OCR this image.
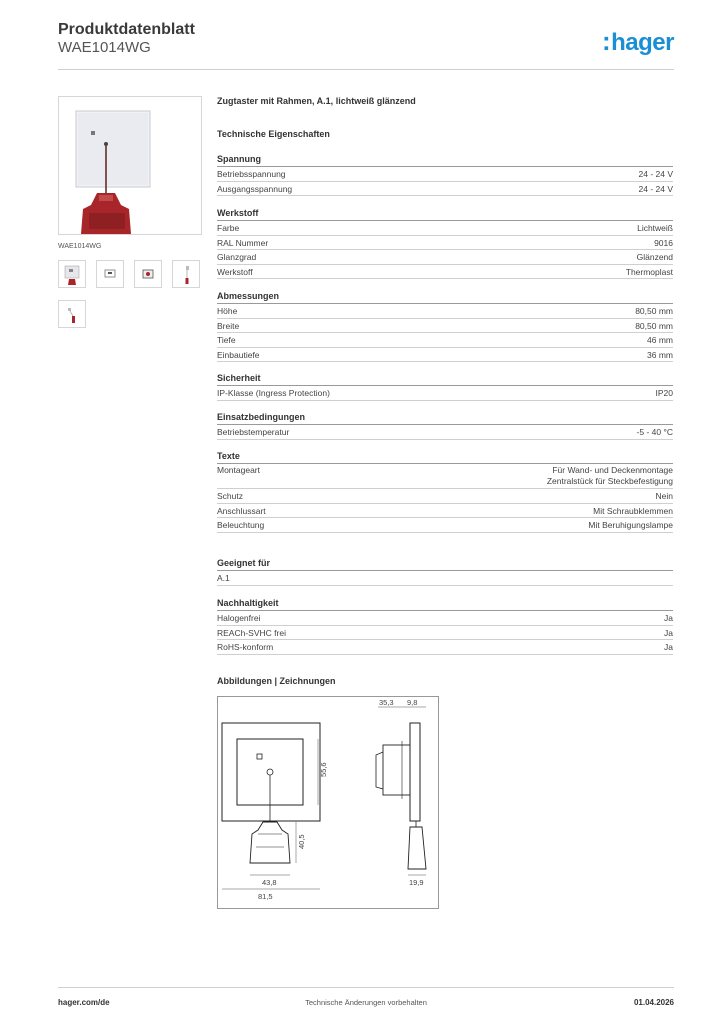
Produktdatenblatt
WAE1014WG	:hager
WAE1014WG
Zugtaster mit Rahmen, A.1, lichtweiß glänzend
Technische Eigenschaften
Spannung
Betriebsspannung	24 - 24 V
Ausgangsspannung	24 - 24 V
Werkstoff
Farbe	Lichtweiß
RAL Nummer	9016
Glanzgrad	Glänzend
Werkstoff	Thermoplast
Abmessungen
Höhe	80,50 mm
Breite	80,50 mm
Tiefe	46 mm
Einbautiefe	36 mm
Sicherheit
IP-Klasse (Ingress Protection)	IP20
Einsatzbedingungen
Betriebstemperatur	-5 - 40 °C
Texte
Montageart	Für Wand- und Deckenmontage
Zentralstück für Steckbefestigung
Schutz	Nein
Anschlussart	Mit Schraubklemmen
Beleuchtung	Mit Beruhigungslampe
Geeignet für
A.1
Nachhaltigkeit
Halogenfrei	Ja
REACh-SVHC frei	Ja
RoHS-konform	Ja
Abbildungen | Zeichnungen
55,6
40,5
43,8
81,5
35,3 9,8
19,9
hager.com/de	Technische Änderungen vorbehalten	01.04.2026
